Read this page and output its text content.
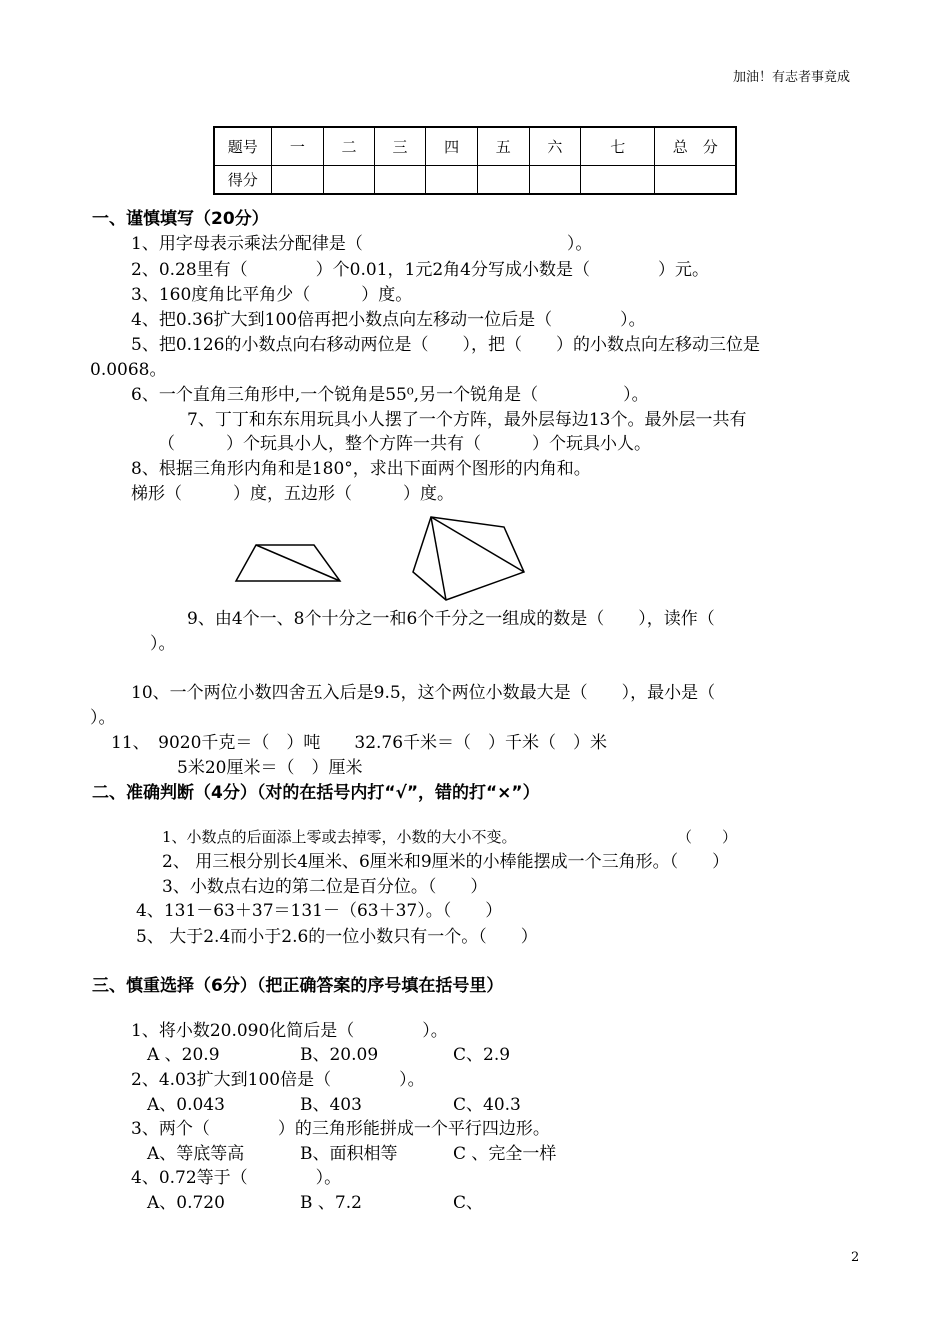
加油！有志者事竟成
题号	一	二	三	四	五	六	七	总　分
得分								
一、谨慎填写（20分）
1、用字母表示乘法分配律是（　　　　　　　　　　　　）。
2、0.28里有（　　　　）个0.01，1元2角4分写成小数是（　　　　）元。
3、160度角比平角少（　　　）度。
4、把0.36扩大到100倍再把小数点向左移动一位后是（　　　　）。
5、把0.126的小数点向右移动两位是（　　），把（　　）的小数点向左移动三位是
0.0068。
6、一个直角三角形中,一个锐角是55⁰,另一个锐角是（　　　　　）。
7、丁丁和东东用玩具小人摆了一个方阵，最外层每边13个。最外层一共有
（　　　）个玩具小人，整个方阵一共有（　　　）个玩具小人。
8、根据三角形内角和是180°，求出下面两个图形的内角和。
梯形（　　　）度，五边形（　　　）度。
9、由4个一、8个十分之一和6个千分之一组成的数是（　　），读作（
）。
10、一个两位小数四舍五入后是9.5，这个两位小数最大是（　　），最小是（
）。
11、　9020千克＝（　）吨　　32.76千米＝（　）千米（　）米
5米20厘米＝（　）厘米
二、准确判断（4分）（对的在括号内打“√”，错的打“×”）
1、小数点的后面添上零或去掉零，小数的大小不变。	（　　）
2、 用三根分别长4厘米、6厘米和9厘米的小棒能摆成一个三角形。（　　）
3、小数点右边的第二位是百分位。（　　）
4、131－63＋37＝131－（63＋37）。（　　）
5、 大于2.4而小于2.6的一位小数只有一个。（　　）
三、慎重选择（6分）（把正确答案的序号填在括号里）
1、将小数20.090化简后是（　　　　）。
A 、20.9	B、20.09	C、2.9
2、4.03扩大到100倍是（　　　　）。
A、0.043	B、403	C、40.3
3、两个（　　　　）的三角形能拼成一个平行四边形。
A、等底等高	B、面积相等	C 、完全一样
4、0.72等于（　　　　）。
A、0.720	B 、7.2	C、
2
